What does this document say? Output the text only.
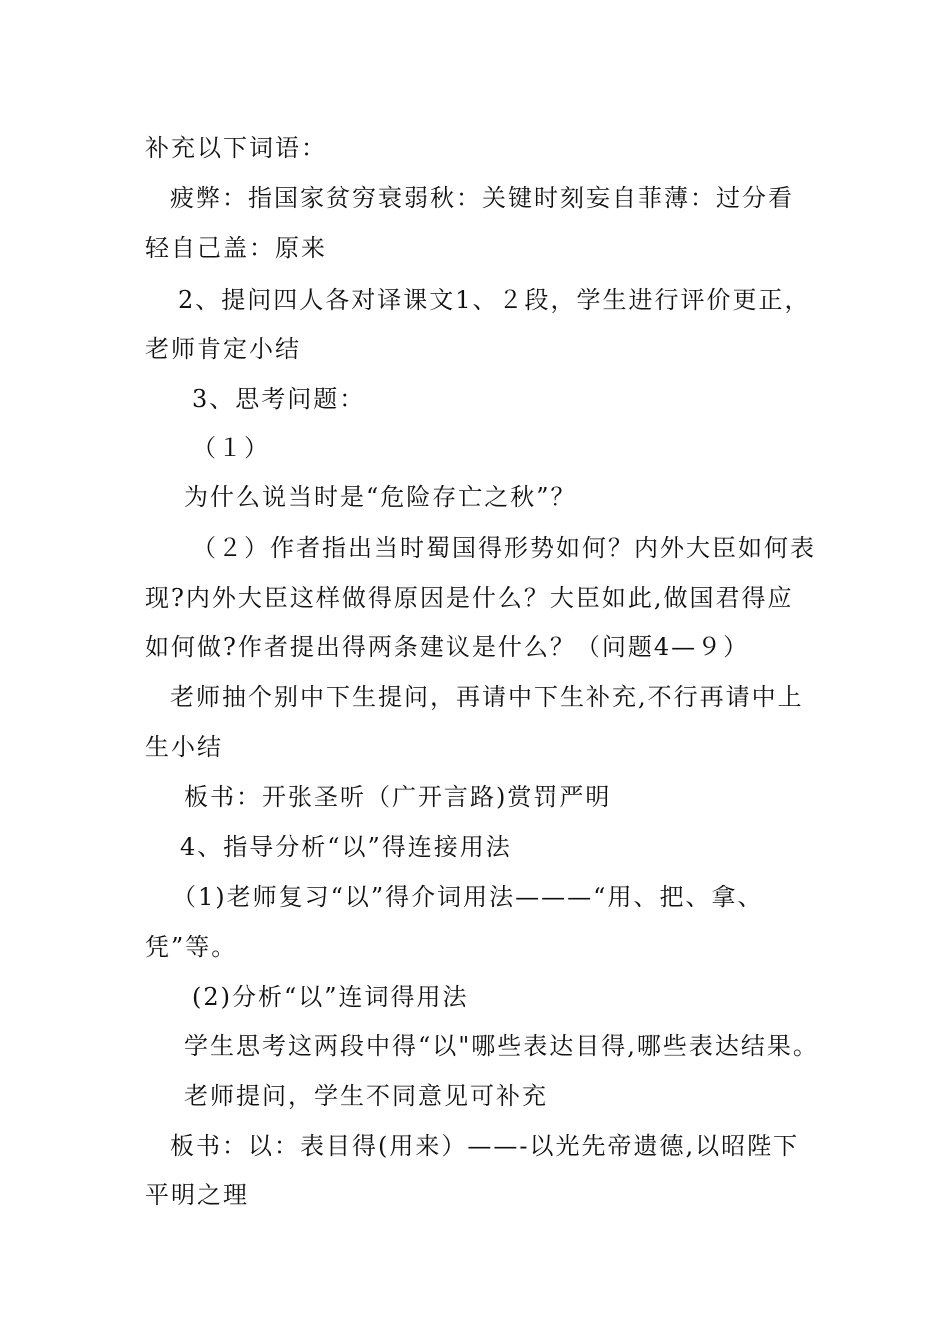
补充以下词语：
疲弊：指国家贫穷衰弱秋：关键时刻妄自菲薄：过分看
轻自己盖：原来
2、提问四人各对译课文1、２段，学生进行评价更正，
老师肯定小结
3、思考问题：
（１）
为什么说当时是“危险存亡之秋”？
（２）作者指出当时蜀国得形势如何？内外大臣如何表
现?内外大臣这样做得原因是什么？大臣如此,做国君得应
如何做?作者提出得两条建议是什么？（问题4—９）
老师抽个别中下生提问，再请中下生补充,不行再请中上
生小结
板书：开张圣听（广开言路)赏罚严明
4、指导分析“以”得连接用法
（1)老师复习“以”得介词用法———“用、把、拿、
凭”等。
(2)分析“以”连词得用法
学生思考这两段中得“以"哪些表达目得,哪些表达结果。
老师提问，学生不同意见可补充
板书：以：表目得(用来）——-以光先帝遗德,以昭陛下
平明之理
